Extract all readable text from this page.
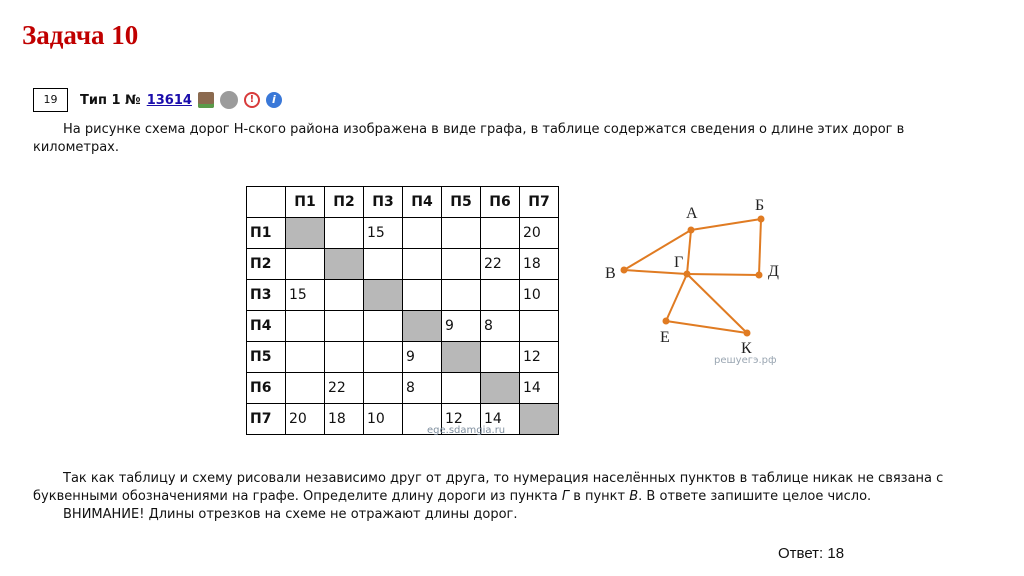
Задача 10
19	Тип 1 № 13614	!	i
На рисунке схема дорог Н-ского района изображена в виде графа, в таблице содержатся сведения о длине этих дорог в километрах.
	П1	П2	П3	П4	П5	П6	П7
П1			15				20
П2						22	18
П3	15						10
П4					9	8	
П5				9			12
П6		22		8			14
П7	20	18	10		12	14	
ege.sdamgia.ru
А	Б
В
Г
Д
Е
К
решуегэ.рф
Так как таблицу и схему рисовали независимо друг от друга, то нумерация населённых пунктов в таблице никак не связана с буквенными обозначениями на графе. Определите длину дороги из пункта Г в пункт В. В ответе запишите целое число.
ВНИМАНИЕ! Длины отрезков на схеме не отражают длины дорог.
Ответ: 18
